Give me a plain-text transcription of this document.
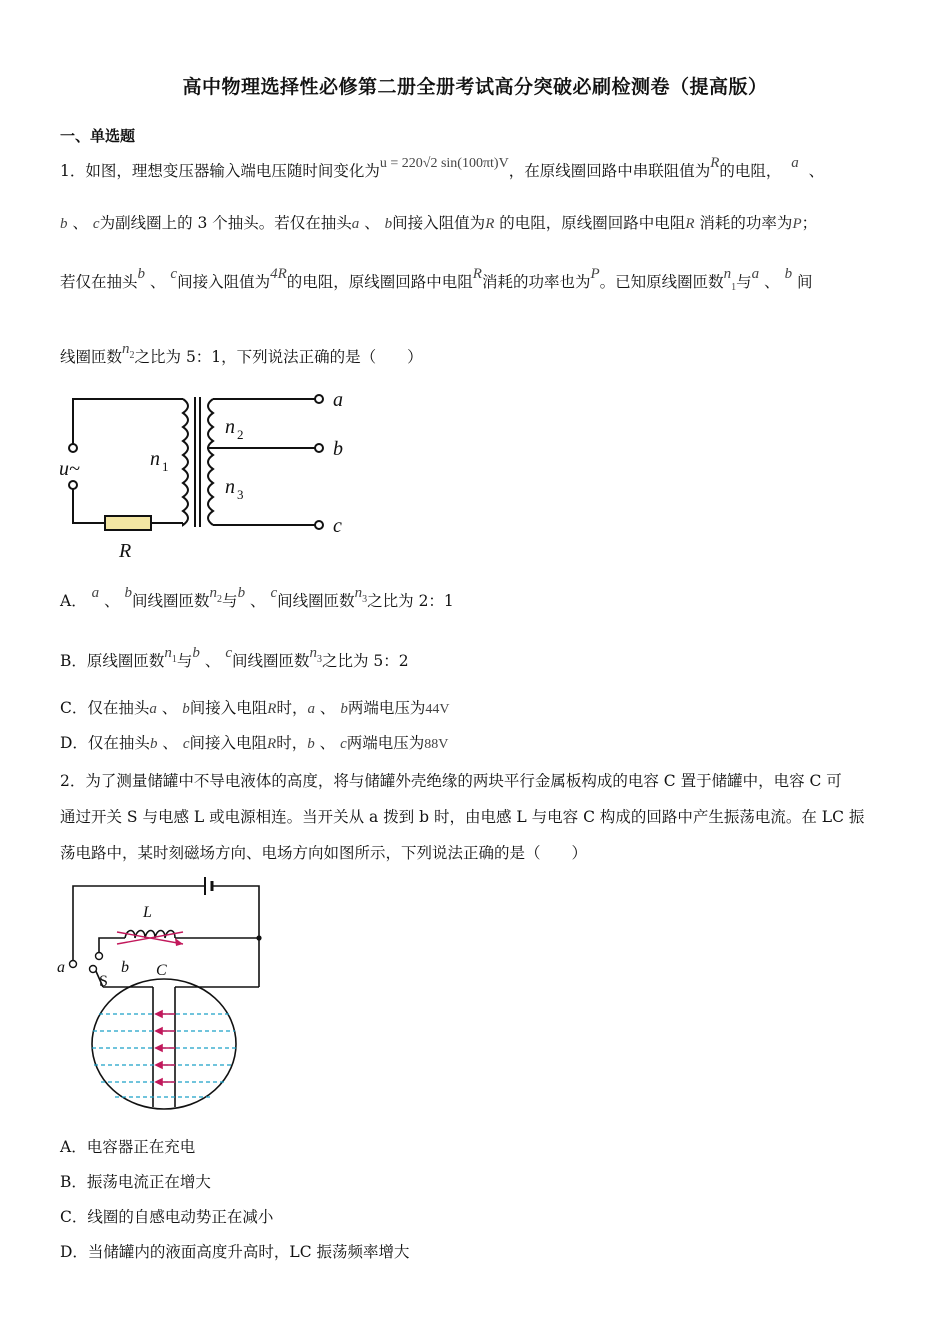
高中物理选择性必修第二册全册考试高分突破必刷检测卷（提高版）
一、单选题
1．如图，理想变压器输入端电压随时间变化为u = 220√2 sin(100πt)V，在原线圈回路中串联阻值为R的电阻， a 、
b 、 c为副线圈上的 3 个抽头。若仅在抽头a 、 b间接入阻值为R 的电阻，原线圈回路中电阻R 消耗的功率为P；
若仅在抽头b 、 c间接入阻值为4R的电阻，原线圈回路中电阻R消耗的功率也为P。已知原线圈匝数n1与a 、 b 间
线圈匝数$n^2$之比为 5：1，下列说法正确的是（　　）
u~	n 1
n 2
n 3
a
b
c
R
A． a 、 b间线圈匝数$n^2$与b 、 c间线圈匝数$n^3$之比为 2：1
B．原线圈匝数$n^1$与b 、 c间线圈匝数$n^3$之比为 5：2
C．仅在抽头a 、 b间接入电阻R时，a 、 b两端电压为44V
D．仅在抽头b 、 c间接入电阻R时，b 、 c两端电压为88V
2．为了测量储罐中不导电液体的高度，将与储罐外壳绝缘的两块平行金属板构成的电容 C 置于储罐中，电容 C 可
通过开关 S 与电感 L 或电源相连。当开关从 a 拨到 b 时，由电感 L 与电容 C 构成的回路中产生振荡电流。在 LC 振
荡电路中，某时刻磁场方向、电场方向如图所示，下列说法正确的是（　　）
L
C
a	b
S
A．电容器正在充电
B．振荡电流正在增大
C．线圈的自感电动势正在减小
D．当储罐内的液面高度升高时，LC 振荡频率增大
